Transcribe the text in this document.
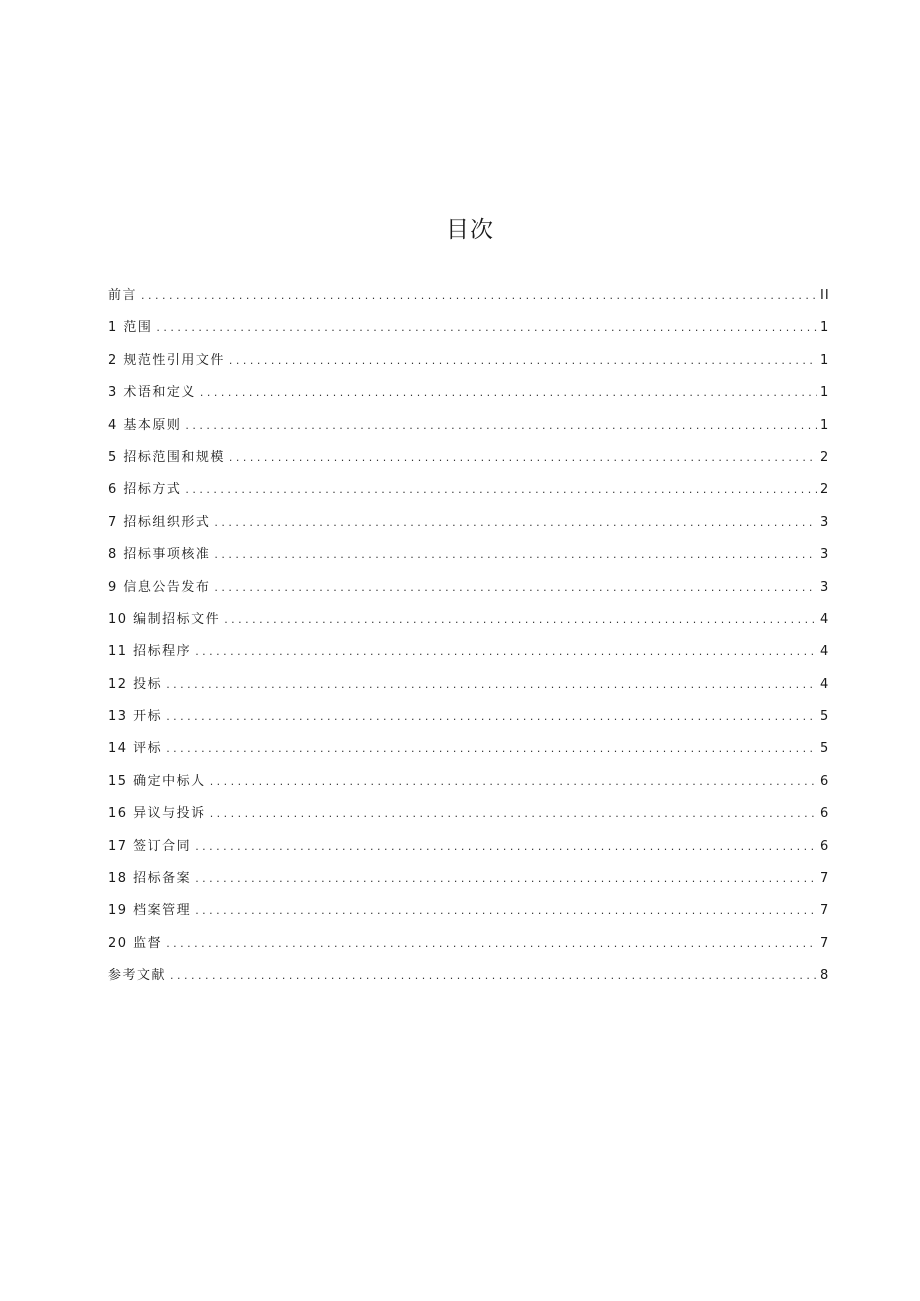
目次
前言 . . .	II
1 范围 . . .	1
2 规范性引用文件 . . .	1
3 术语和定义 . . .	1
4 基本原则 . . .	1
5 招标范围和规模 . . .	2
6 招标方式 . . .	2
7 招标组织形式 . . .	3
8 招标事项核准 . . .	3
9 信息公告发布 . . .	3
10 编制招标文件 . . .	4
11 招标程序 . . .	4
12 投标 . . .	4
13 开标 . . .	5
14 评标 . . .	5
15 确定中标人 . . .	6
16 异议与投诉 . . .	6
17 签订合同 . . .	6
18 招标备案 . . .	7
19 档案管理 . . .	7
20 监督 . . .	7
参考文献 . . .	8
